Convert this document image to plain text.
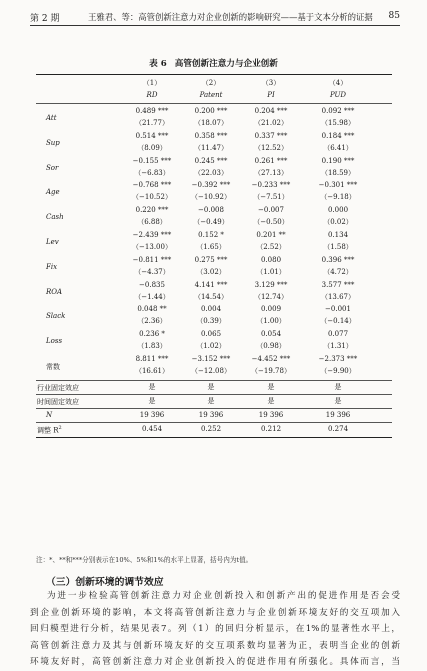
第 2 期	王雅君、等：高管创新注意力对企业创新的影响研究——基于文本分析的证据 85
表 6 高管创新注意力与企业创新
（1）	（2）	（3）	（4）
RD	Patent	PI	PUD
Att
0.489 ***	0.200 ***	0.204 ***	0.092 ***
（21.77）	（18.07）	（21.02）	（15.98）
Sup
0.514 ***	0.358 ***	0.337 ***	0.184 ***
（8.09）	（11.47）	（12.52）	（6.41）
Sor
−0.155 ***	0.245 ***	0.261 ***	0.190 ***
（−6.83）	（22.03）	（27.13）	（18.59）
Age
−0.768 ***	−0.392 ***	−0.233 ***	−0.301 ***
（−10.52）	（−10.92）	（−7.51）	（−9.18）
Cash
0.220 ***	−0.008	−0.007	0.000
（6.88）	（−0.49）	（−0.50）	（0.02）
Lev
−2.439 ***	0.152 *	0.201 **	0.134
（−13.00）	（1.65）	（2.52）	（1.58）
Fix
−0.811 ***	0.275 ***	0.080	0.396 ***
（−4.37）	（3.02）	（1.01）	（4.72）
ROA
−0.835	4.141 ***	3.129 ***	3.577 ***
（−1.44）	（14.54）	（12.74）	（13.67）
Slack
0.048 **	0.004	0.009	−0.001
（2.36）	（0.39）	（1.00）	（−0.14）
Loss
0.236 *	0.065	0.054	0.077
（1.83）	（1.02）	（0.98）	（1.31）
常数
8.811 ***	−3.152 ***	−4.452 ***	−2.373 ***
（16.61）	（−12.08）	（−19.78）	（−9.90）
行业固定效应	是	是	是	是
时间固定效应	是	是	是	是
N	19 396	19 396	19 396	19 396
调整 $R^2$	0.454	0.252	0.212	0.274
注：*、**和***分别表示在10%、5%和1%的水平上显著，括号内为t值。
（三）创新环境的调节效应
为进一步检验高管创新注意力对企业创新投入和创新产出的促进作用是否会受
到企业创新环境的影响，本文将高管创新注意力与企业创新环境友好的交互项加入
回归模型进行分析，结果见表7。列（1）的回归分析显示，在1%的显著性水平上，
高管创新注意力及其与创新环境友好的交互项系数均显著为正，表明当企业的创新
环境友好时，高管创新注意力对企业创新投入的促进作用有所强化。具体而言，当
